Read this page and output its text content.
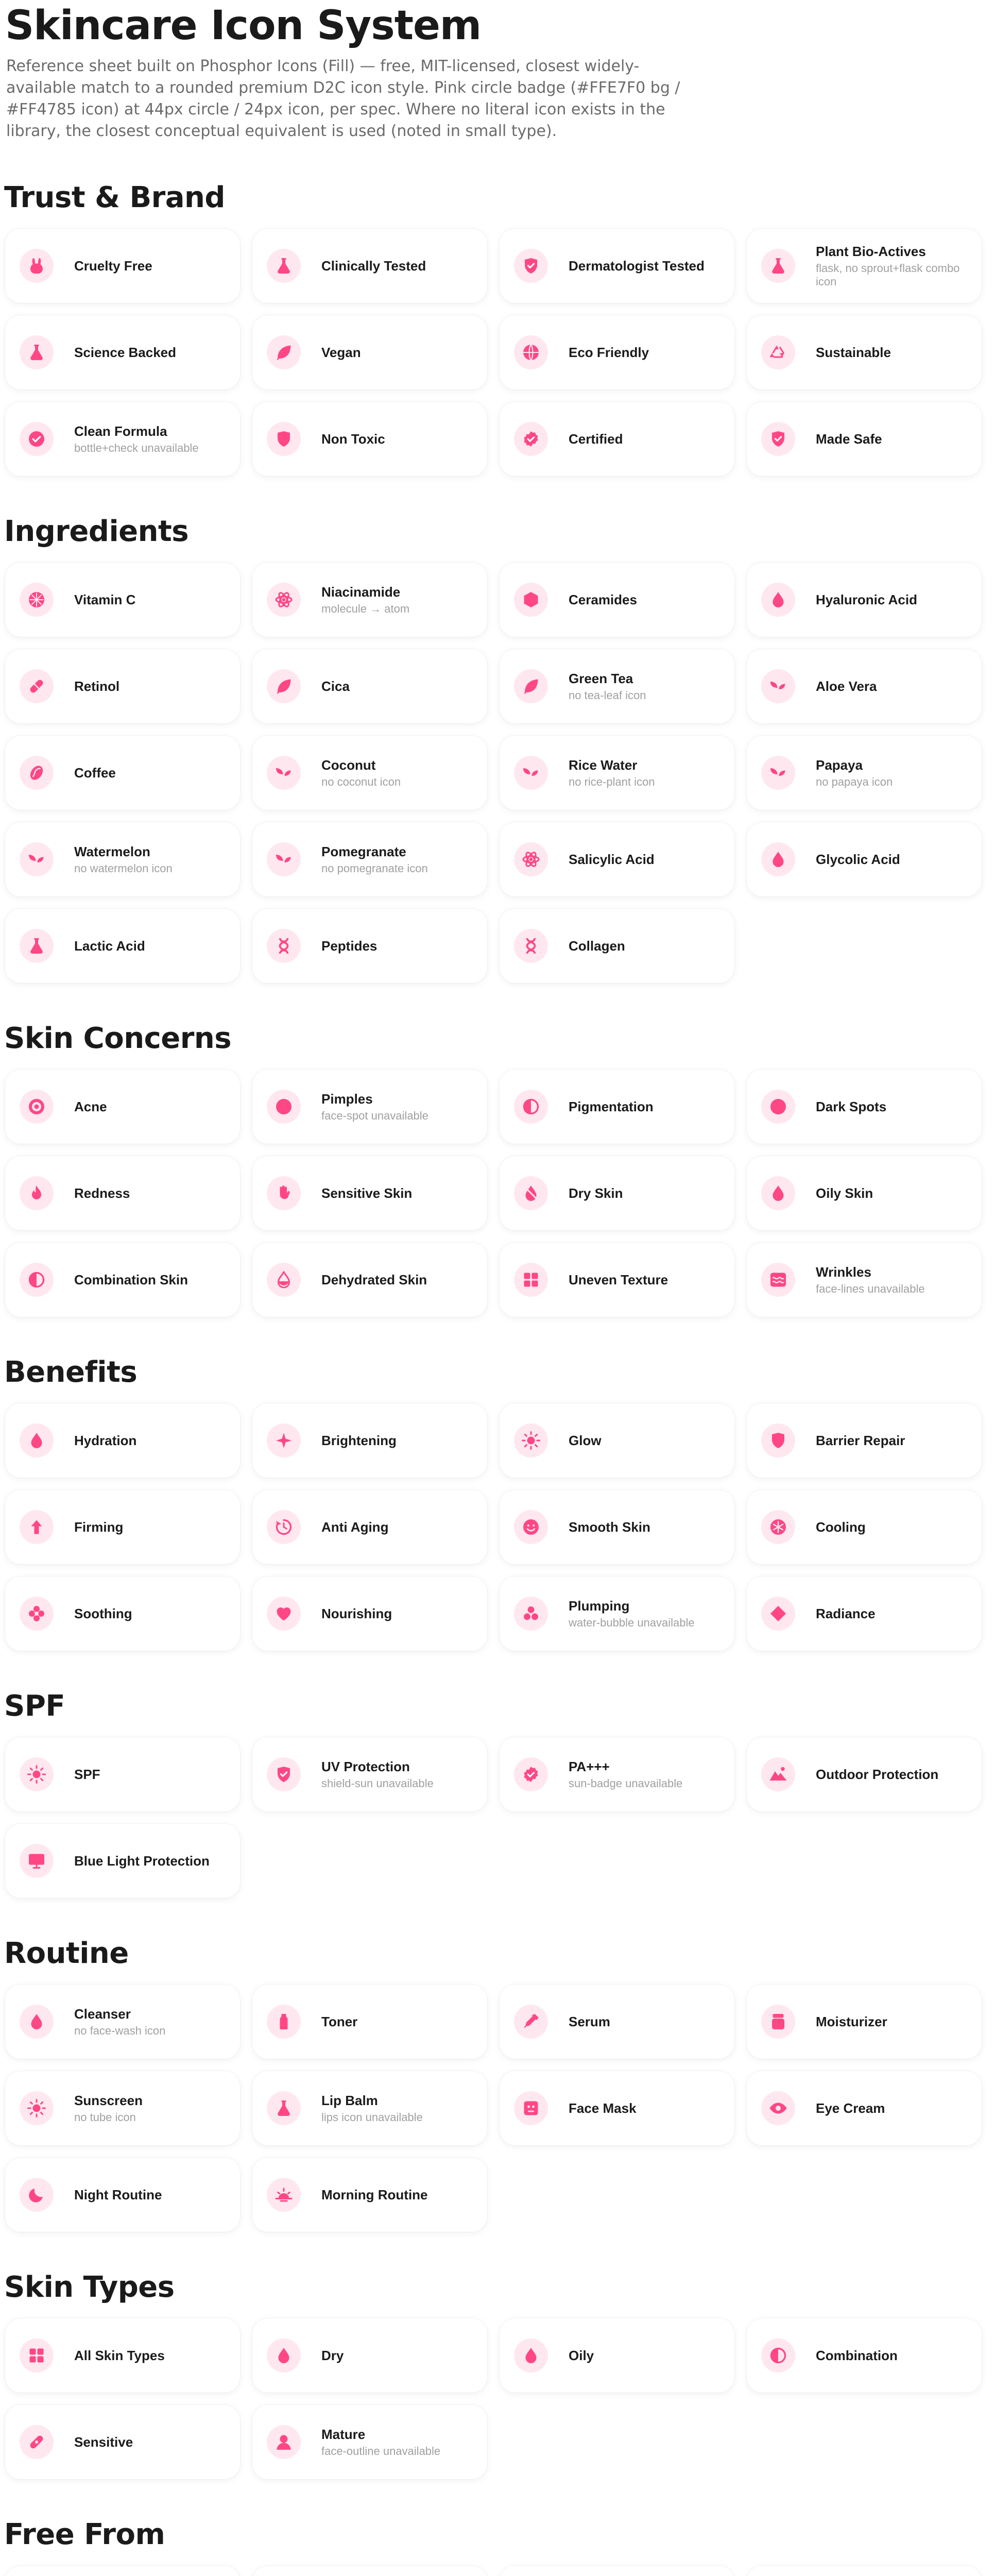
Skincare Icon System

Reference sheet built on Phosphor Icons (Fill) — free, MIT-licensed, closest widely-available match to a rounded premium D2C icon style. Pink circle badge (#FFE7F0 bg / #FF4785 icon) at 44px circle / 24px icon, per spec. Where no literal icon exists in the library, the closest conceptual equivalent is used (noted in small type).

Trust & Brand
Cruelty Free	Clinically Tested	Dermatologist Tested
Plant Bio-Actives
flask, no sprout+flask combo icon
Science Backed	Vegan	Eco Friendly	Sustainable
Clean Formula
bottle+check unavailable
Non Toxic	Certified	Made Safe
Ingredients
Vitamin C	Niacinamide
molecule → atom
Ceramides	Hyaluronic Acid
Retinol	Cica	Green Tea
no tea-leaf icon
Aloe Vera
Coffee	Coconut
no coconut icon
Rice Water
no rice-plant icon
Papaya
no papaya icon
Watermelon
no watermelon icon
Pomegranate
no pomegranate icon
Salicylic Acid	Glycolic Acid
Lactic Acid	Peptides	Collagen
Skin Concerns
Acne	Pimples
face-spot unavailable
Pigmentation	Dark Spots
Redness	Sensitive Skin	Dry Skin	Oily Skin
Combination Skin	Dehydrated Skin	Uneven Texture	Wrinkles
face-lines unavailable
Benefits
Hydration	Brightening	Glow	Barrier Repair
Firming	Anti Aging	Smooth Skin	Cooling
Soothing	Nourishing	Plumping
water-bubble unavailable
Radiance
SPF
SPF	UV Protection
shield-sun unavailable
PA+++
sun-badge unavailable
Outdoor Protection
Blue Light Protection
Routine
Cleanser
no face-wash icon
Toner	Serum	Moisturizer
Sunscreen
no tube icon
Lip Balm
lips icon unavailable
Face Mask	Eye Cream
Night Routine	Morning Routine
Skin Types
All Skin Types	Dry	Oily	Combination
Sensitive	Mature
face-outline unavailable
Free From
